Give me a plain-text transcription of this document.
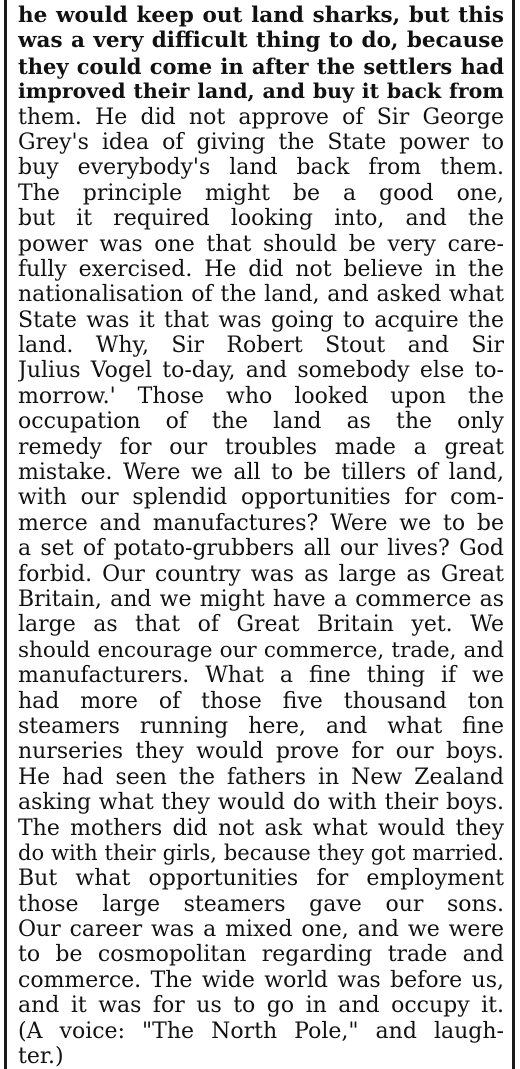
he would keep out land sharks, but this
was a very difficult thing to do, because
they could come in after the settlers had
improved their land, and buy it back from
them. He did not approve of Sir George
Grey's idea of giving the State power to
buy everybody's land back from them.
The principle might be a good one,
but it required looking into, and the
power was one that should be very care-
fully exercised. He did not believe in the
nationalisation of the land, and asked what
State was it that was going to acquire the
land. Why, Sir Robert Stout and Sir
Julius Vogel to-day, and somebody else to-
morrow.' Those who looked upon the
occupation of the land as the only
remedy for our troubles made a great
mistake. Were we all to be tillers of land,
with our splendid opportunities for com-
merce and manufactures? Were we to be
a set of potato-grubbers all our lives? God
forbid. Our country was as large as Great
Britain, and we might have a commerce as
large as that of Great Britain yet. We
should encourage our commerce, trade, and
manufacturers. What a fine thing if we
had more of those five thousand ton
steamers running here, and what fine
nurseries they would prove for our boys.
He had seen the fathers in New Zealand
asking what they would do with their boys.
The mothers did not ask what would they
do with their girls, because they got married.
But what opportunities for employment
those large steamers gave our sons.
Our career was a mixed one, and we were
to be cosmopolitan regarding trade and
commerce. The wide world was before us,
and it was for us to go in and occupy it.
(A voice: "The North Pole," and laugh-
ter.)
